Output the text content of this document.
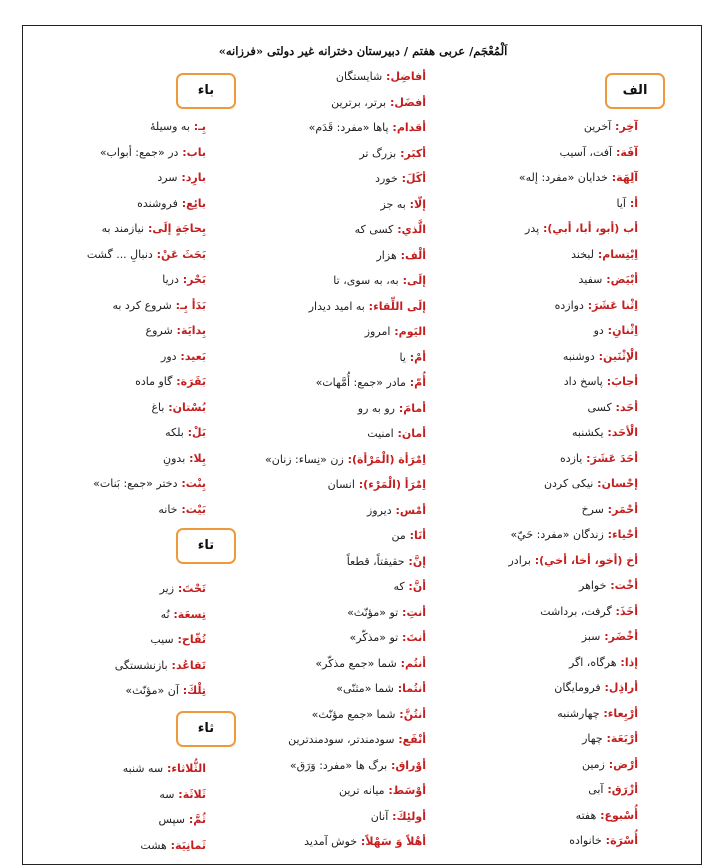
اَلْمُعْجَم/ عربی هفتم / دبیرستان دخترانه غیر دولتی «فرزانه»
الف
باء
تاء
ثاء
آخِر: آخرین
آفَة: آفت، آسیب
آلِهَة: خدایان «مفرد: إله»
أ: آیا
أب (أبو، أبا، أبي): پدر
اِبْتِسام: لبخند
أبْيَض: سفید
اِثْنا عَشَرَ: دوازده
اِثْنانِ: دو
الْإثْنَين: دوشنبه
أجابَ: پاسخ داد
أحَد: کسی
الْأحَد: یکشنبه
أحَدَ عَشَرَ: یازده
إحْسان: نیکی کردن
أحْمَر: سرخ
أحْياء: زندگان «مفرد: حَيّ»
أخ (أخو، أخا، أخي): برادر
أخْت: خواهر
أخَذَ: گرفت، برداشت
أخْضَر: سبز
إذا: هرگاه، اگر
أراذِل: فرومایگان
أرْبِعاء: چهارشنبه
أرْبَعَة: چهار
أرْض: زمین
أزْرَق: آبی
أُسْبوع: هفته
أُسْرَة: خانواده
أفاضِل: شایستگان
أفضَل: برتر، برترین
أقدام: پاها «مفرد: قَدَم»
أكبَر: بزرگ تر
أكَلَ: خورد
إلّا: به جز
الَّذي: کسی که
ألْف: هزار
إلَى: به، به سوی، تا
إلَى اللِّقاء: به امید دیدار
اليَوم: امروز
أمْ: یا
أُمّ: مادر «جمع: أُمَّهات»
أمامَ: رو به رو
أمان: امنیت
اِمْرَأة (الْمَرْأة): زن «نِساء: زنان»
اِمْرَأ (الْمَرْء): انسان
أمْس: دیروز
أنَا: من
إنَّ: حقیقتاً، قطعاً
أنَّ: که
أنتِ: تو «مؤنّث»
أنتَ: تو «مذکّر»
أنتُم: شما «جمع مذکّر»
أنتُما: شما «مثنّی»
أنتُنَّ: شما «جمع مؤنّث»
أنْفَع: سودمندتر، سودمندترین
أوْراق: برگ ها «مفرد: وَرَق»
أوْسَط: میانه ترین
أولئِكَ: آنان
أهْلاً وَ سَهْلاً: خوش آمدید
بِـ: به وسیلهٔ
باب: در «جمع: أبواب»
بارِد: سرد
بائِع: فروشنده
بِحاجَةٍ إلَى: نیازمند به
بَحَثَ عَنْ: دنبالِ ... گشت
بَحْر: دریا
بَدَأ بِـ: شروع کرد به
بِدايَة: شروع
بَعيد: دور
بَقَرَة: گاو ماده
بُسْتان: باغ
بَلْ: بلکه
بِلا: بدونِ
بِنْت: دختر «جمع: بَنات»
بَيْت: خانه
تَحْتَ: زیر
تِسعَة: نُه
تُفّاح: سیب
تَقاعُد: بازنشستگی
تِلْكَ: آن «مؤنّث»
الثُّلاثاء: سه شنبه
ثَلاثَة: سه
ثُمَّ: سپس
ثَمانِيَة: هشت
